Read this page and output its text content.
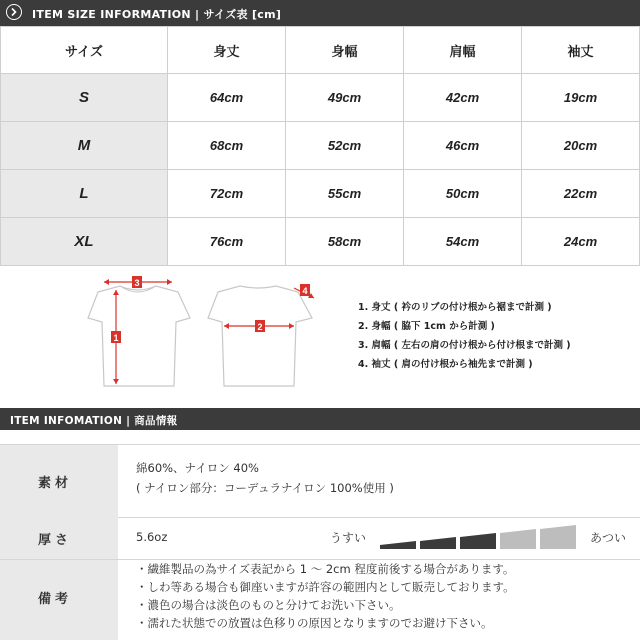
ITEM SIZE INFORMATION | サイズ表 [cm]
サイズ	身丈	身幅	肩幅	袖丈
S	64cm	49cm	42cm	19cm
M	68cm	52cm	46cm	20cm
L	72cm	55cm	50cm	22cm
XL	76cm	58cm	54cm	24cm
3
1
2
4
1. 身丈 ( 衿のリブの付け根から裾まで計測 )
2. 身幅 ( 脇下 1cm から計測 )
3. 肩幅 ( 左右の肩の付け根から付け根まで計測 )
4. 袖丈 ( 肩の付け根から袖先まで計測 )
ITEM INFOMATION | 商品情報
素材
綿60%、ナイロン 40%
( ナイロン部分：コーデュラナイロン 100%使用 )
厚さ	5.6oz	うすい	あつい
備考
・繊維製品の為サイズ表記から 1 ～ 2cm 程度前後する場合があります。
・しわ等ある場合も御座いますが許容の範囲内として販売しております。
・濃色の場合は淡色のものと分けてお洗い下さい。
・濡れた状態での放置は色移りの原因となりますのでお避け下さい。
